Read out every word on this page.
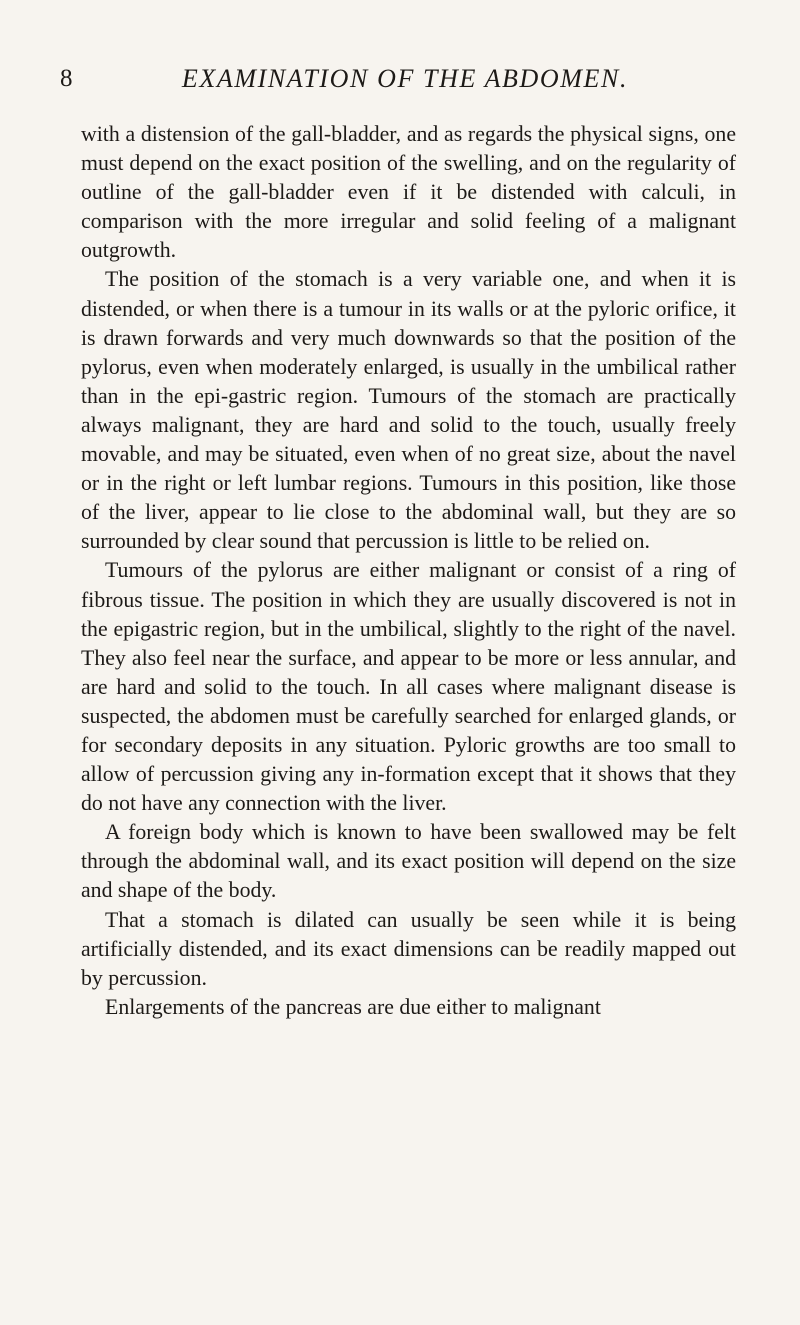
8	EXAMINATION OF THE ABDOMEN.

with a distension of the gall-bladder, and as regards the physical signs, one must depend on the exact position of the swelling, and on the regularity of outline of the gall-bladder even if it be distended with calculi, in comparison with the more irregular and solid feeling of a malignant outgrowth.

The position of the stomach is a very variable one, and when it is distended, or when there is a tumour in its walls or at the pyloric orifice, it is drawn forwards and very much downwards so that the position of the pylorus, even when moderately enlarged, is usually in the umbilical rather than in the epi-gastric region. Tumours of the stomach are practically always malignant, they are hard and solid to the touch, usually freely movable, and may be situated, even when of no great size, about the navel or in the right or left lumbar regions. Tumours in this position, like those of the liver, appear to lie close to the abdominal wall, but they are so surrounded by clear sound that percussion is little to be relied on.

Tumours of the pylorus are either malignant or consist of a ring of fibrous tissue. The position in which they are usually discovered is not in the epigastric region, but in the umbilical, slightly to the right of the navel. They also feel near the surface, and appear to be more or less annular, and are hard and solid to the touch. In all cases where malignant disease is suspected, the abdomen must be carefully searched for enlarged glands, or for secondary deposits in any situation. Pyloric growths are too small to allow of percussion giving any in-formation except that it shows that they do not have any connection with the liver.

A foreign body which is known to have been swallowed may be felt through the abdominal wall, and its exact position will depend on the size and shape of the body.

That a stomach is dilated can usually be seen while it is being artificially distended, and its exact dimensions can be readily mapped out by percussion.

Enlargements of the pancreas are due either to malignant
